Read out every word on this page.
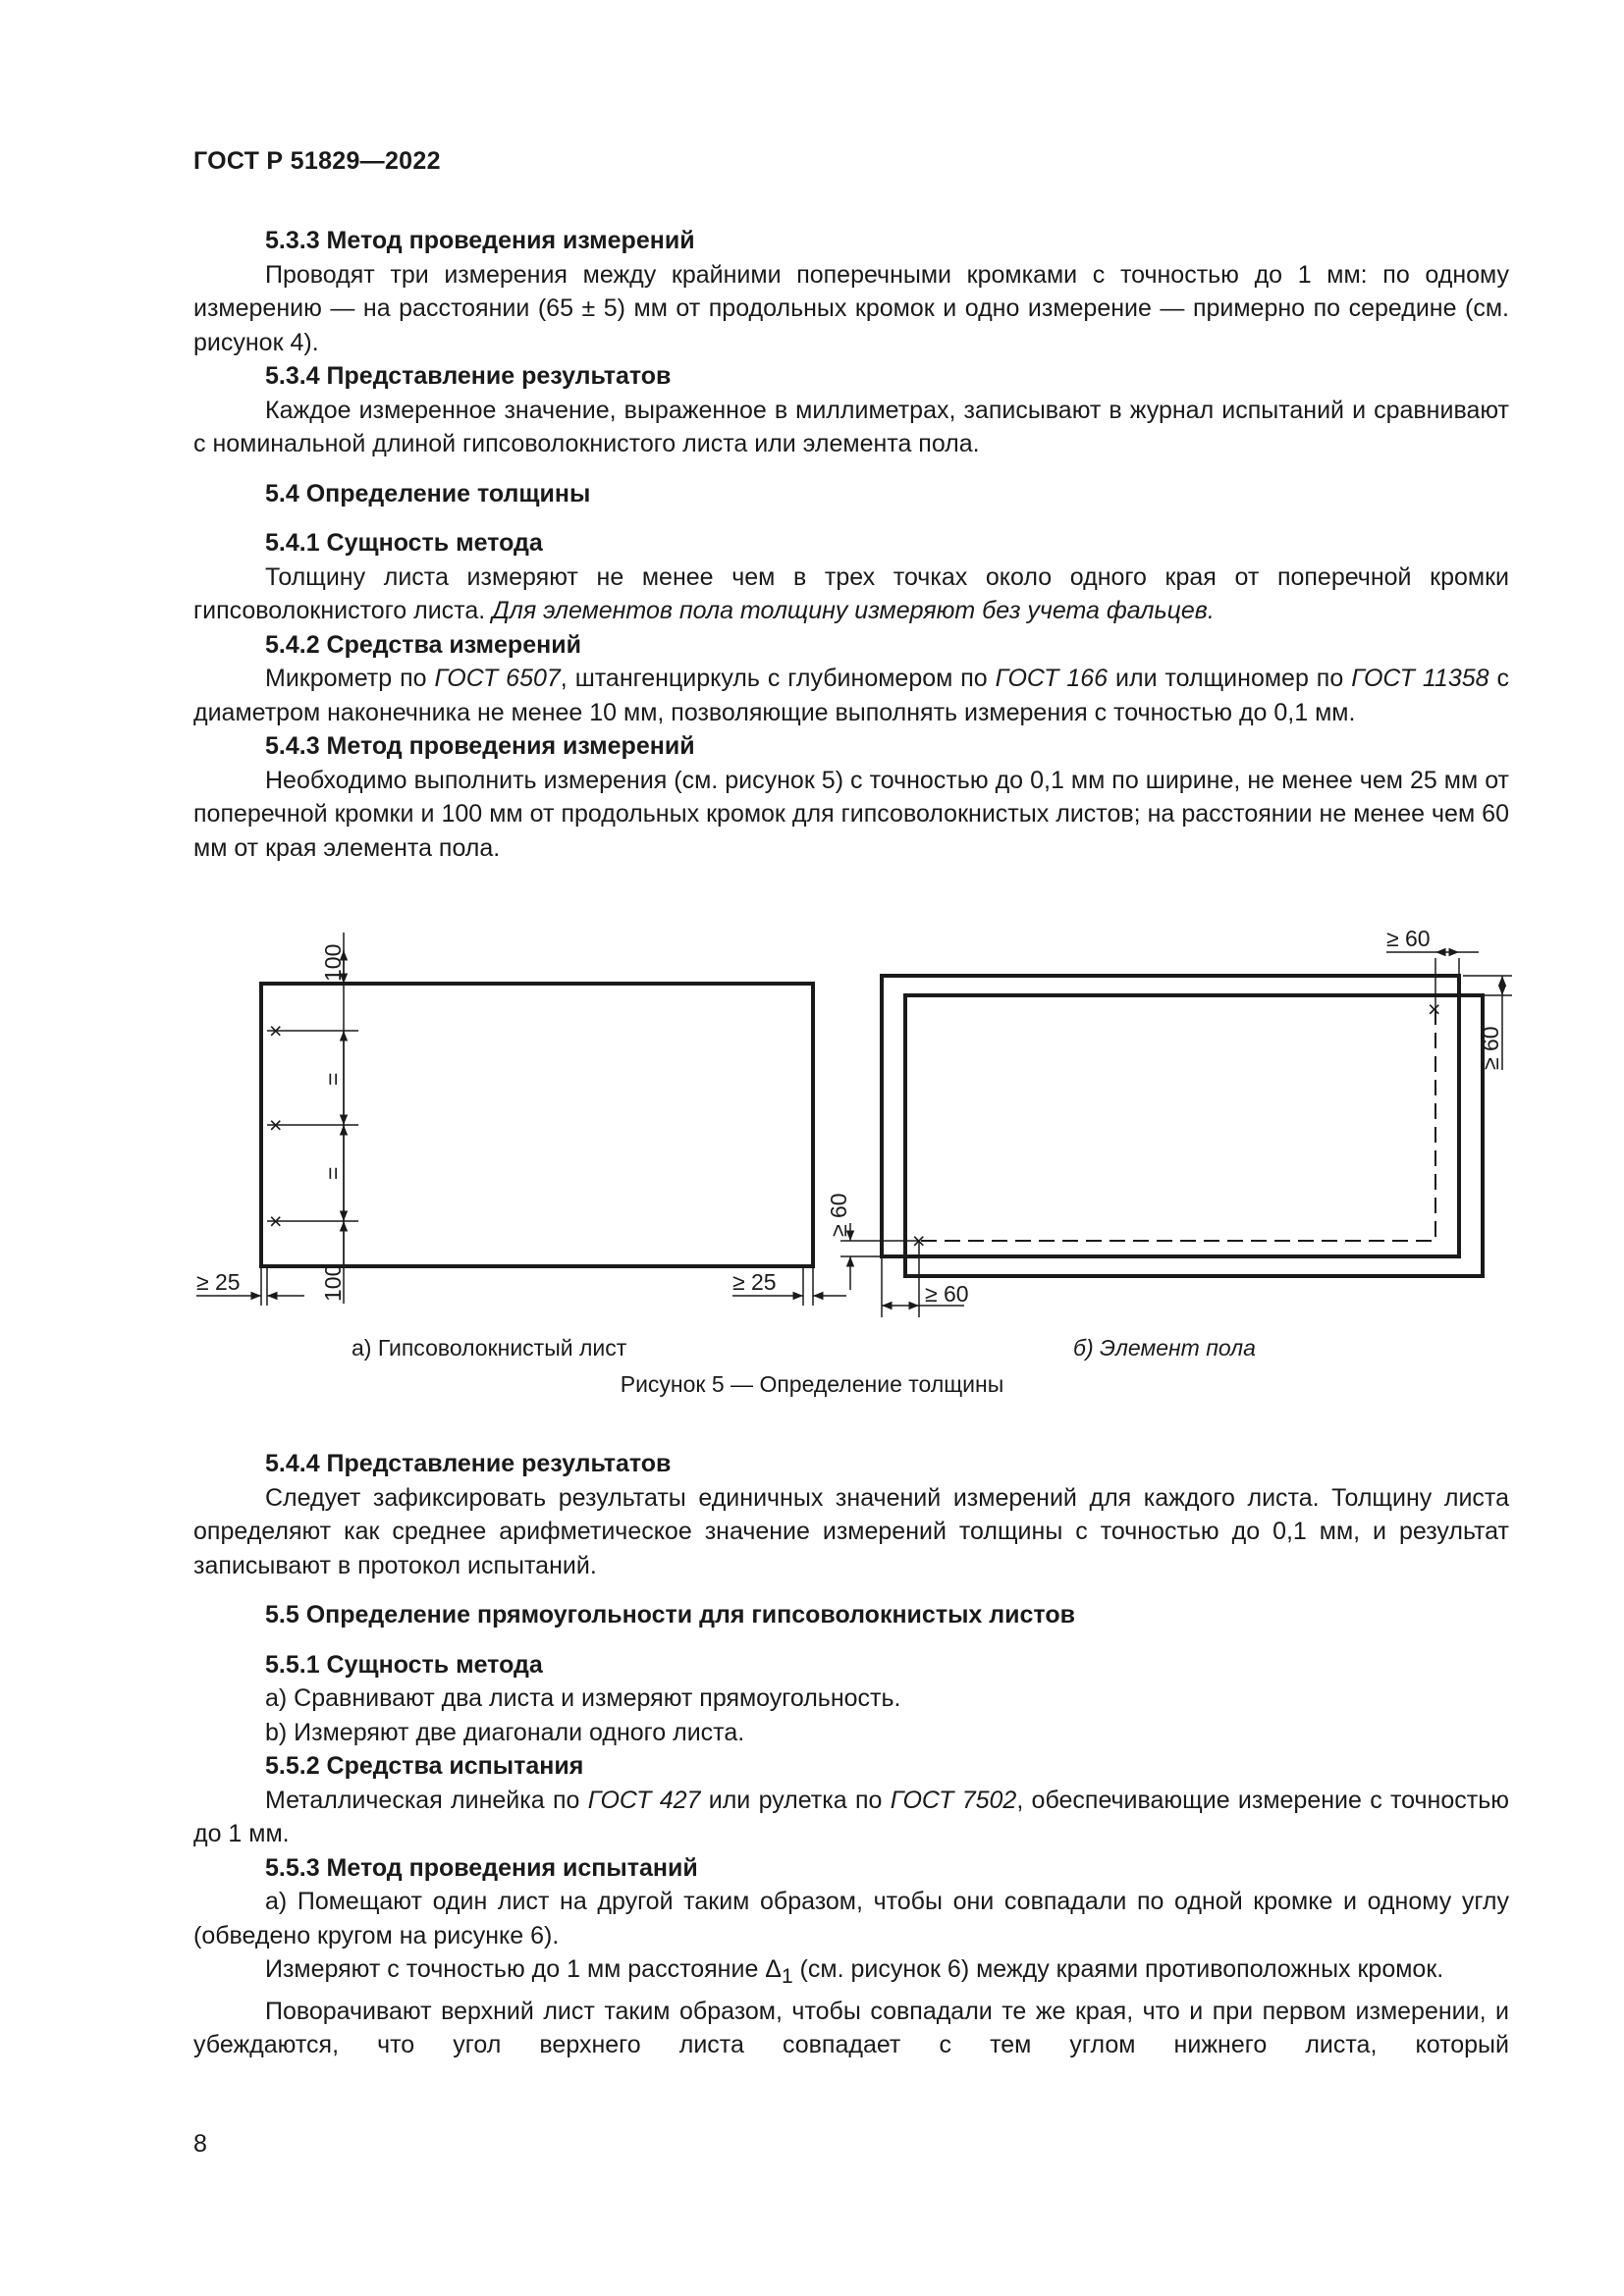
ГОСТ Р 51829—2022

5.3.3 Метод проведения измерений

Проводят три измерения между крайними поперечными кромками с точностью до 1 мм: по одному измерению — на расстоянии (65 ± 5) мм от продольных кромок и одно измерение — примерно по середине (см. рисунок 4).

5.3.4 Представление результатов

Каждое измеренное значение, выраженное в миллиметрах, записывают в журнал испытаний и сравнивают с номинальной длиной гипсоволокнистого листа или элемента пола.

5.4 Определение толщины

5.4.1 Сущность метода

Толщину листа измеряют не менее чем в трех точках около одного края от поперечной кромки гипсоволокнистого листа. Для элементов пола толщину измеряют без учета фальцев.

5.4.2 Средства измерений

Микрометр по ГОСТ 6507, штангенциркуль с глубиномером по ГОСТ 166 или толщиномер по ГОСТ 11358 с диаметром наконечника не менее 10 мм, позволяющие выполнять измерения с точностью до 0,1 мм.

5.4.3 Метод проведения измерений

Необходимо выполнить измерения (см. рисунок 5) с точностью до 0,1 мм по ширине, не менее чем 25 мм от поперечной кромки и 100 мм от продольных кромок для гипсоволокнистых листов; на расстоянии не менее чем 60 мм от края элемента пола.

×
×
×
×
×
100
100
=
=
≥ 25	≥ 25
≥ 60
≥ 60
≥ 60
≥ 60
а) Гипсоволокнистый лист	б) Элемент пола
Рисунок 5 — Определение толщины

5.4.4 Представление результатов

Следует зафиксировать результаты единичных значений измерений для каждого листа. Толщину листа определяют как среднее арифметическое значение измерений толщины с точностью до 0,1 мм, и результат записывают в протокол испытаний.

5.5 Определение прямоугольности для гипсоволокнистых листов

5.5.1 Сущность метода

а) Сравнивают два листа и измеряют прямоугольность.

b) Измеряют две диагонали одного листа.

5.5.2 Средства испытания

Металлическая линейка по ГОСТ 427 или рулетка по ГОСТ 7502, обеспечивающие измерение с точностью до 1 мм.

5.5.3 Метод проведения испытаний

а) Помещают один лист на другой таким образом, чтобы они совпадали по одной кромке и одному углу (обведено кругом на рисунке 6).

Измеряют с точностью до 1 мм расстояние $\Delta_1$ (см. рисунок 6) между краями противоположных кромок.

Поворачивают верхний лист таким образом, чтобы совпадали те же края, что и при первом измерении, и убеждаются, что угол верхнего листа совпадает с тем углом нижнего листа, который

8
